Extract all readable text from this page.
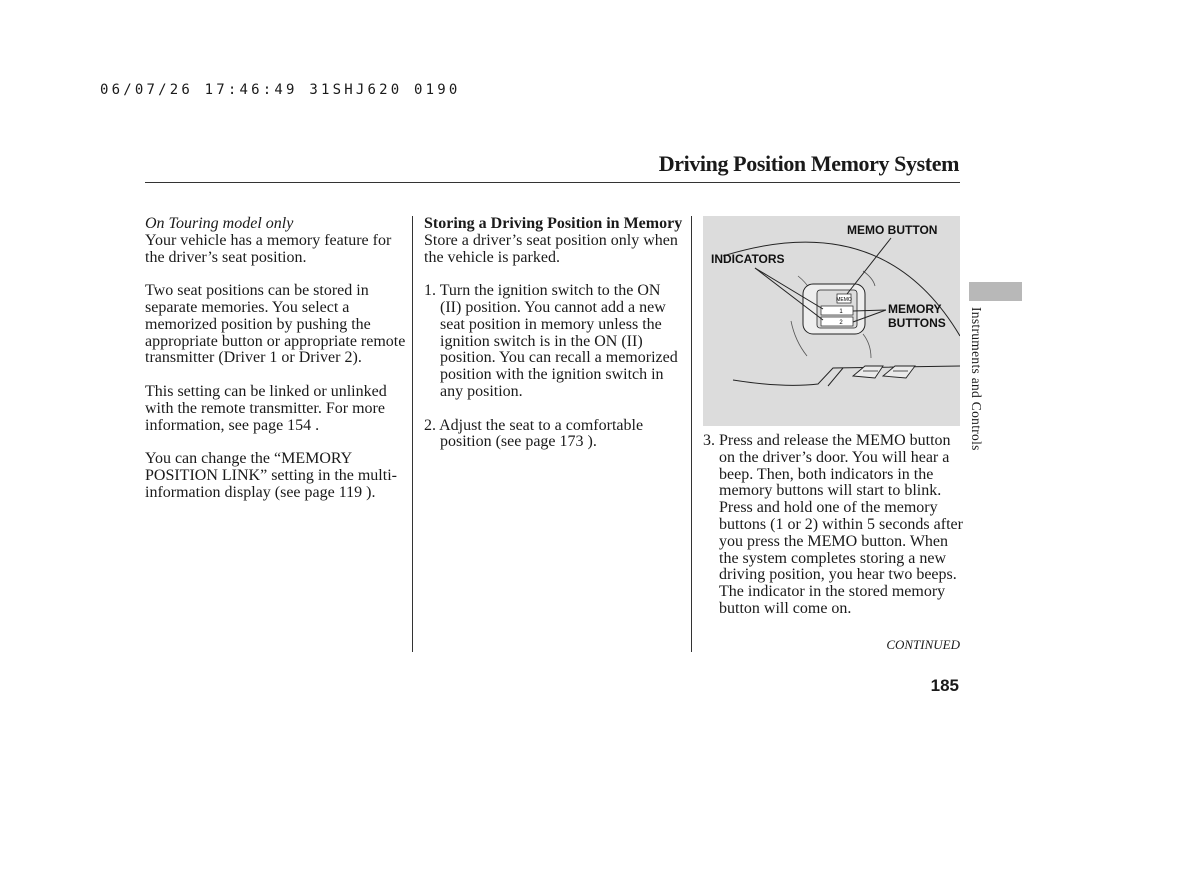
06/07/26 17:46:49 31SHJ620 0190
Driving Position Memory System

On Touring model only

Your vehicle has a memory feature for the driver’s seat position.

Two seat positions can be stored in separate memories. You select a memorized position by pushing the appropriate button or appropriate remote transmitter (Driver 1 or Driver 2).

This setting can be linked or unlinked with the remote transmitter. For more information, see page 154 .

You can change the “MEMORY POSITION LINK” setting in the multi-information display (see page 119 ).

Storing a Driving Position in Memory

Store a driver’s seat position only when the vehicle is parked.

1. Turn the ignition switch to the ON (II) position. You cannot add a new seat position in memory unless the ignition switch is in the ON (II) position. You can recall a memorized position with the ignition switch in any position.

2. Adjust the seat to a comfortable position (see page 173 ).

MEMO
1
2
MEMO BUTTON
INDICATORS
MEMORY
BUTTONS

3. Press and release the MEMO button on the driver’s door. You will hear a beep. Then, both indicators in the memory buttons will start to blink. Press and hold one of the memory buttons (1 or 2) within 5 seconds after you press the MEMO button. When the system completes storing a new driving position, you hear two beeps. The indicator in the stored memory button will come on.

CONTINUED
185
Instruments and Controls
